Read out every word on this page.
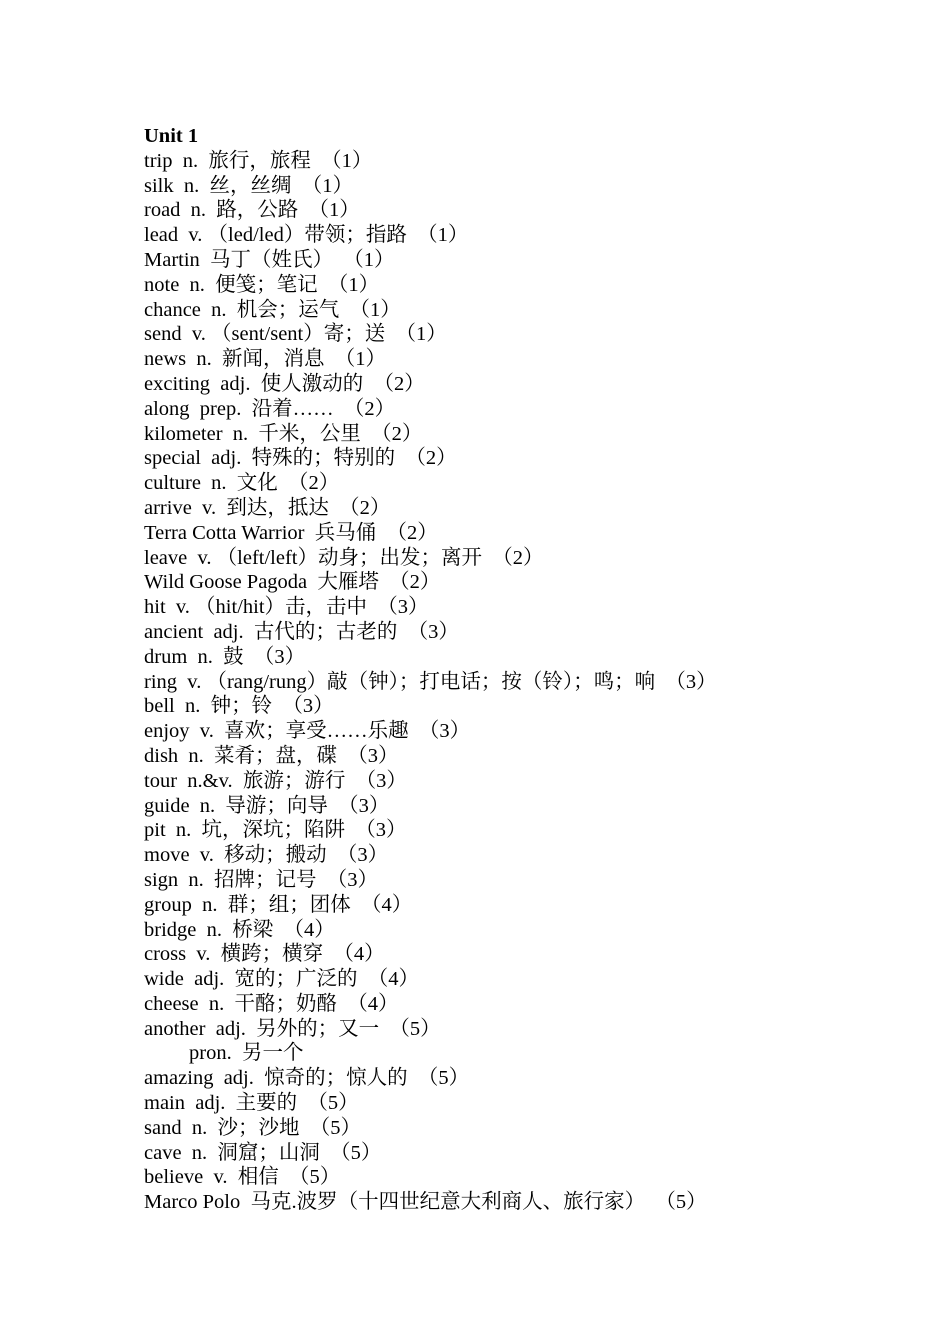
Unit 1
trip  n.  旅行，旅程  （1）
silk  n.  丝，丝绸  （1）
road  n.  路，公路  （1）
lead  v. （led/led）带领；指路  （1）
Martin  马丁（姓氏）  （1）
note  n.  便笺；笔记  （1）
chance  n.  机会；运气  （1）
send  v. （sent/sent）寄；送  （1）
news  n.  新闻，消息  （1）
exciting  adj.  使人激动的  （2）
along  prep.  沿着……  （2）
kilometer  n.  千米，公里  （2）
special  adj.  特殊的；特别的  （2）
culture  n.  文化  （2）
arrive  v.  到达，抵达  （2）
Terra Cotta Warrior  兵马俑  （2）
leave  v. （left/left）动身；出发；离开  （2）
Wild Goose Pagoda  大雁塔  （2）
hit  v. （hit/hit）击，击中  （3）
ancient  adj.  古代的；古老的  （3）
drum  n.  鼓  （3）
ring  v. （rang/rung）敲（钟）；打电话；按（铃）；鸣；响  （3）
bell  n.  钟；铃  （3）
enjoy  v.  喜欢；享受……乐趣  （3）
dish  n.  菜肴；盘，碟  （3）
tour  n.&v.  旅游；游行  （3）
guide  n.  导游；向导  （3）
pit  n.  坑，深坑；陷阱  （3）
move  v.  移动；搬动  （3）
sign  n.  招牌；记号  （3）
group  n.  群；组；团体  （4）
bridge  n.  桥梁  （4）
cross  v.  横跨；横穿  （4）
wide  adj.  宽的；广泛的  （4）
cheese  n.  干酪；奶酪  （4）
another  adj.  另外的；又一  （5）
pron.  另一个
amazing  adj.  惊奇的；惊人的  （5）
main  adj.  主要的  （5）
sand  n.  沙；沙地  （5）
cave  n.  洞窟；山洞  （5）
believe  v.  相信  （5）
Marco Polo  马克.波罗（十四世纪意大利商人、旅行家）  （5）
